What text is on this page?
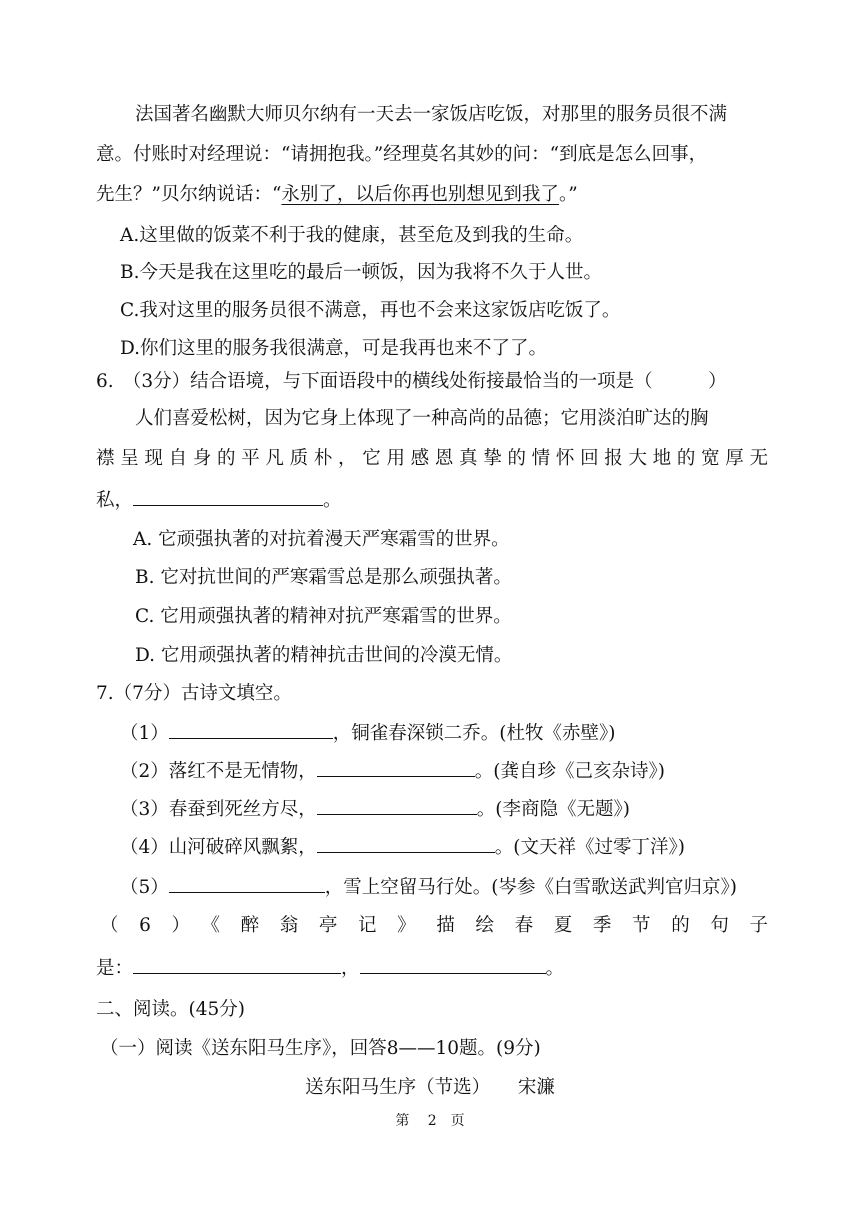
法国著名幽默大师贝尔纳有一天去一家饭店吃饭，对那里的服务员很不满
意。付账时对经理说：“请拥抱我。”经理莫名其妙的问：“到底是怎么回事，
先生？”贝尔纳说话：“永别了，以后你再也别想见到我了。”
A.这里做的饭菜不利于我的健康，甚至危及到我的生命。
B.今天是我在这里吃的最后一顿饭，因为我将不久于人世。
C.我对这里的服务员很不满意，再也不会来这家饭店吃饭了。
D.你们这里的服务我很满意，可是我再也来不了了。
6.　（3分）结合语境，与下面语段中的横线处衔接最恰当的一项是（　　　）
人们喜爱松树，因为它身上体现了一种高尚的品德；它用淡泊旷达的胸
襟呈现自身的平凡质朴，它用感恩真挚的情怀回报大地的宽厚无
私，	。
A. 它顽强执著的对抗着漫天严寒霜雪的世界。
B. 它对抗世间的严寒霜雪总是那么顽强执著。
C. 它用顽强执著的精神对抗严寒霜雪的世界。
D. 它用顽强执著的精神抗击世间的冷漠无情。
7.（7分）古诗文填空。
（1）	，铜雀春深锁二乔。(杜牧《赤壁》)
（2）落红不是无情物，	。(龚自珍《己亥杂诗》)
（3）春蚕到死丝方尽，	。(李商隐《无题》)
（4）山河破碎风飘絮，	。(文天祥《过零丁洋》)
（5）	，雪上空留马行处。(岑参《白雪歌送武判官归京》)
（6）《醉翁亭记》描绘春夏季节的句子
是：	，	。
二、阅读。(45分)
（一）阅读《送东阳马生序》，回答8——10题。(9分)
送东阳马生序（节选）　　宋濂
第　 2　页
